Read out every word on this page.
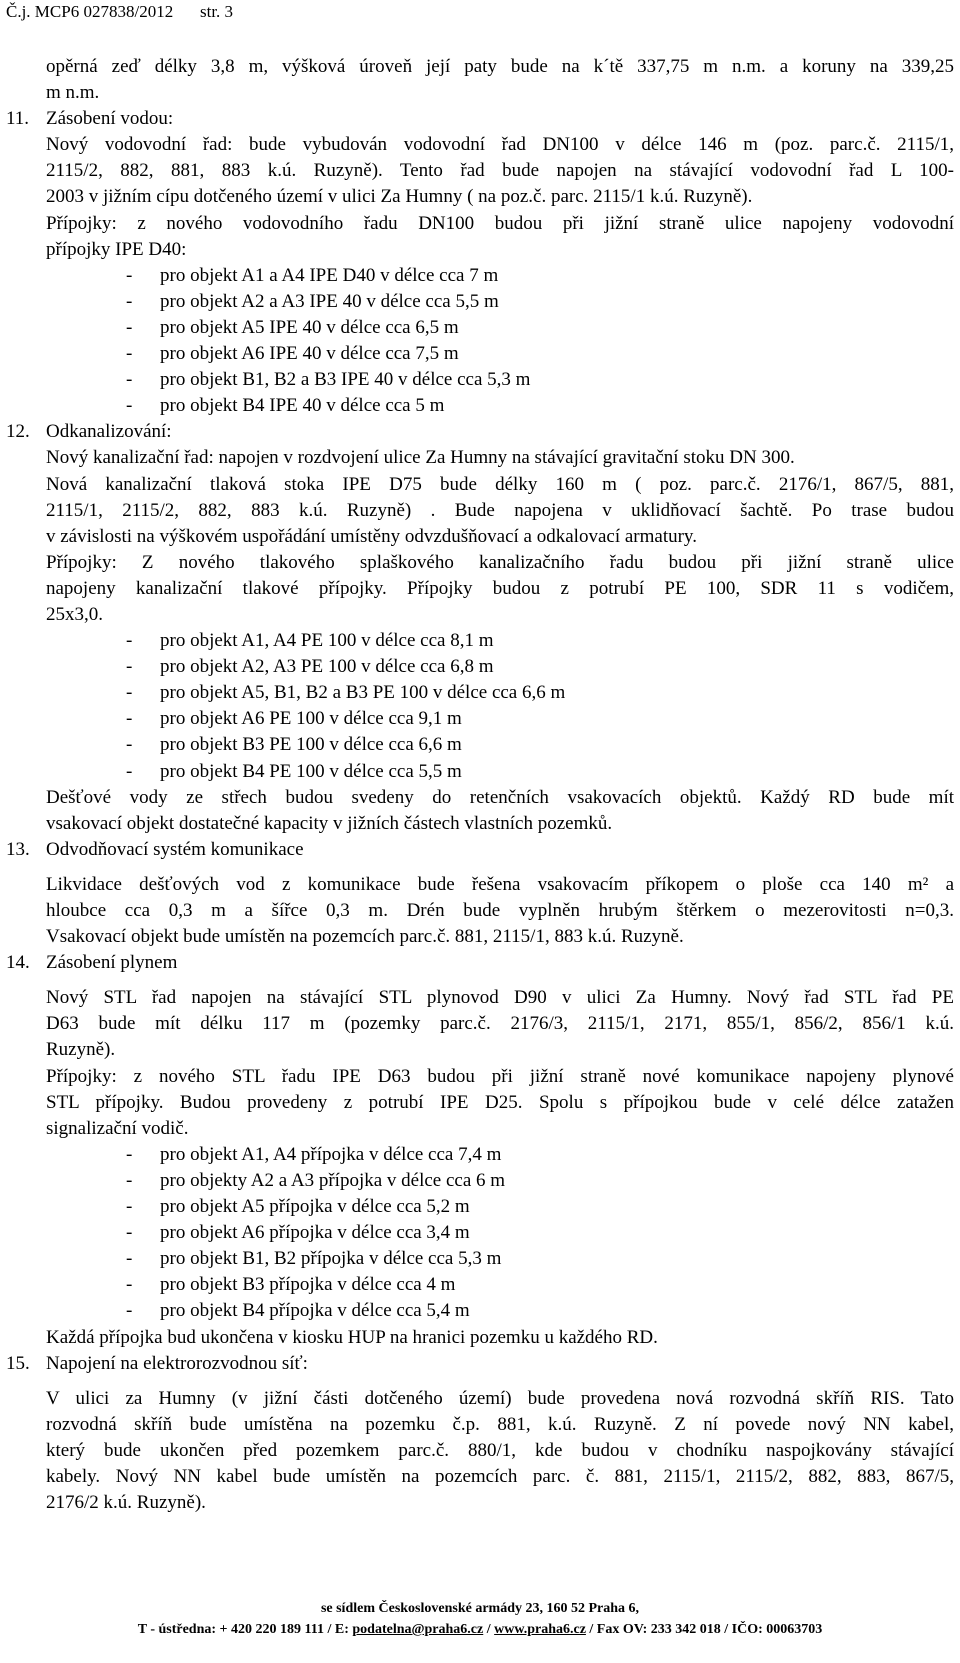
Č.j. MCP6 027838/2012 str. 3
opěrná zeď délky 3,8 m, výšková úroveň její paty bude na k´tě 337,75 m n.m. a koruny na 339,25
m n.m.
11. Zásobení vodou:
Nový vodovodní řad: bude vybudován vodovodní řad DN100 v délce 146 m (poz. parc.č. 2115/1,
2115/2, 882, 881, 883 k.ú. Ruzyně). Tento řad bude napojen na stávající vodovodní řad L 100-
2003 v jižním cípu dotčeného území v ulici Za Humny ( na poz.č. parc. 2115/1 k.ú. Ruzyně).
Přípojky: z nového vodovodního řadu DN100 budou při jižní straně ulice napojeny vodovodní
přípojky IPE D40:
- pro objekt A1 a A4 IPE D40 v délce cca 7 m
- pro objekt A2 a A3 IPE 40 v délce cca 5,5 m
- pro objekt A5 IPE 40 v délce cca 6,5 m
- pro objekt A6 IPE 40 v délce cca 7,5 m
- pro objekt B1, B2 a B3 IPE 40 v délce cca 5,3 m
- pro objekt B4 IPE 40 v délce cca 5 m
12. Odkanalizování:
Nový kanalizační řad: napojen v rozdvojení ulice Za Humny na stávající gravitační stoku DN 300.
Nová kanalizační tlaková stoka IPE D75 bude délky 160 m ( poz. parc.č. 2176/1, 867/5, 881,
2115/1, 2115/2, 882, 883 k.ú. Ruzyně) . Bude napojena v uklidňovací šachtě. Po trase budou
v závislosti na výškovém uspořádání umístěny odvzdušňovací a odkalovací armatury.
Přípojky: Z nového tlakového splaškového kanalizačního řadu budou při jižní straně ulice
napojeny kanalizační tlakové přípojky. Přípojky budou z potrubí PE 100, SDR 11 s vodičem,
25x3,0.
- pro objekt A1, A4 PE 100 v délce cca 8,1 m
- pro objekt A2, A3 PE 100 v délce cca 6,8 m
- pro objekt A5, B1, B2 a B3 PE 100 v délce cca 6,6 m
- pro objekt A6 PE 100 v délce cca 9,1 m
- pro objekt B3 PE 100 v délce cca 6,6 m
- pro objekt B4 PE 100 v délce cca 5,5 m
Dešťové vody ze střech budou svedeny do retenčních vsakovacích objektů. Každý RD bude mít
vsakovací objekt dostatečné kapacity v jižních částech vlastních pozemků.
13. Odvodňovací systém komunikace
Likvidace dešťových vod z komunikace bude řešena vsakovacím příkopem o ploše cca 140 m² a
hloubce cca 0,3 m a šířce 0,3 m. Drén bude vyplněn hrubým štěrkem o mezerovitosti n=0,3.
Vsakovací objekt bude umístěn na pozemcích parc.č. 881, 2115/1, 883 k.ú. Ruzyně.
14. Zásobení plynem
Nový STL řad napojen na stávající STL plynovod D90 v ulici Za Humny. Nový řad STL řad PE
D63 bude mít délku 117 m (pozemky parc.č. 2176/3, 2115/1, 2171, 855/1, 856/2, 856/1 k.ú.
Ruzyně).
Přípojky: z nového STL řadu IPE D63 budou při jižní straně nové komunikace napojeny plynové
STL přípojky. Budou provedeny z potrubí IPE D25. Spolu s přípojkou bude v celé délce zatažen
signalizační vodič.
- pro objekt A1, A4 přípojka v délce cca 7,4 m
- pro objekty A2 a A3 přípojka v délce cca 6 m
- pro objekt A5 přípojka v délce cca 5,2 m
- pro objekt A6 přípojka v délce cca 3,4 m
- pro objekt B1, B2 přípojka v délce cca 5,3 m
- pro objekt B3 přípojka v délce cca 4 m
- pro objekt B4 přípojka v délce cca 5,4 m
Každá přípojka bud ukončena v kiosku HUP na hranici pozemku u každého RD.
15. Napojení na elektrorozvodnou síť:
V ulici za Humny (v jižní části dotčeného území) bude provedena nová rozvodná skříň RIS. Tato
rozvodná skříň bude umístěna na pozemku č.p. 881, k.ú. Ruzyně. Z ní povede nový NN kabel,
který bude ukončen před pozemkem parc.č. 880/1, kde budou v chodníku naspojkovány stávající
kabely. Nový NN kabel bude umístěn na pozemcích parc. č. 881, 2115/1, 2115/2, 882, 883, 867/5,
2176/2 k.ú. Ruzyně).
se sídlem Československé armády 23, 160 52 Praha 6,
T - ústředna: + 420 220 189 111 / E: podatelna@praha6.cz / www.praha6.cz / Fax OV: 233 342 018 / IČO: 00063703
